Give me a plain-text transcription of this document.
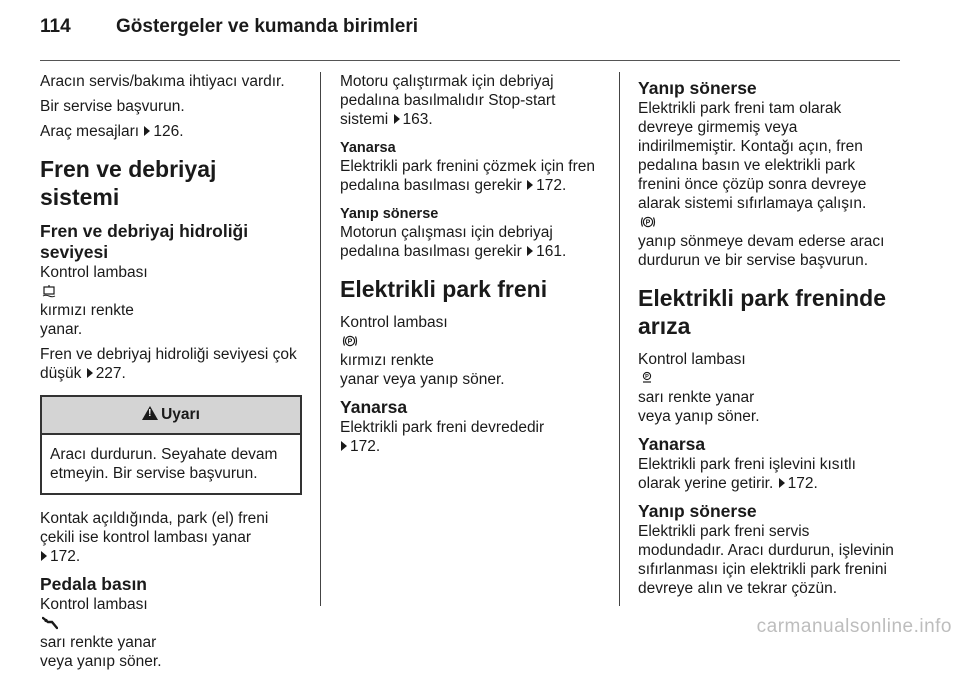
114 Göstergeler ve kumanda birimleri

Aracın servis/bakıma ihtiyacı vardır.

Bir servise başvurun.

Araç mesajları 126.

Fren ve debriyaj sistemi
Fren ve debriyaj hidroliği
seviyesi

Kontrol lambası

kırmızı renkte
yanar.

Fren ve debriyaj hidroliği seviyesi çok düşük 227.

!Uyarı
Aracı durdurun. Seyahate devam
etmeyin. Bir servise başvurun.

Kontak açıldığında, park (el) freni
çekili ise kontrol lambası yanar
172.

Pedala basın

Kontrol lambası

sarı renkte yanar
veya yanıp söner.

Motoru çalıştırmak için debriyaj
pedalına basılmalıdır Stop-start
sistemi 163.

Yanarsa

Elektrikli park frenini çözmek için fren pedalına basılması gerekir 172.

Yanıp sönerse

Motorun çalışması için debriyaj
pedalına basılması gerekir 161.

Elektrikli park freni

Kontrol lambası

P

kırmızı renkte
yanar veya yanıp söner.

Yanarsa

Elektrikli park freni devrededir
172.

Yanıp sönerse

Elektrikli park freni tam olarak
devreye girmemiş veya
indirilmemiştir. Kontağı açın, fren
pedalına basın ve elektrikli park
frenini önce çözüp sonra devreye
alarak sistemi sıfırlamaya çalışın.

P

yanıp sönmeye devam ederse aracı
durdurun ve bir servise başvurun.

Elektrikli park freninde
arıza

Kontrol lambası

P

sarı renkte yanar
veya yanıp söner.

Yanarsa

Elektrikli park freni işlevini kısıtlı
olarak yerine getirir. 172.

Yanıp sönerse

Elektrikli park freni servis
modundadır. Aracı durdurun, işlevinin
sıfırlanması için elektrikli park frenini
devreye alın ve tekrar çözün.

carmanualsonline.info
